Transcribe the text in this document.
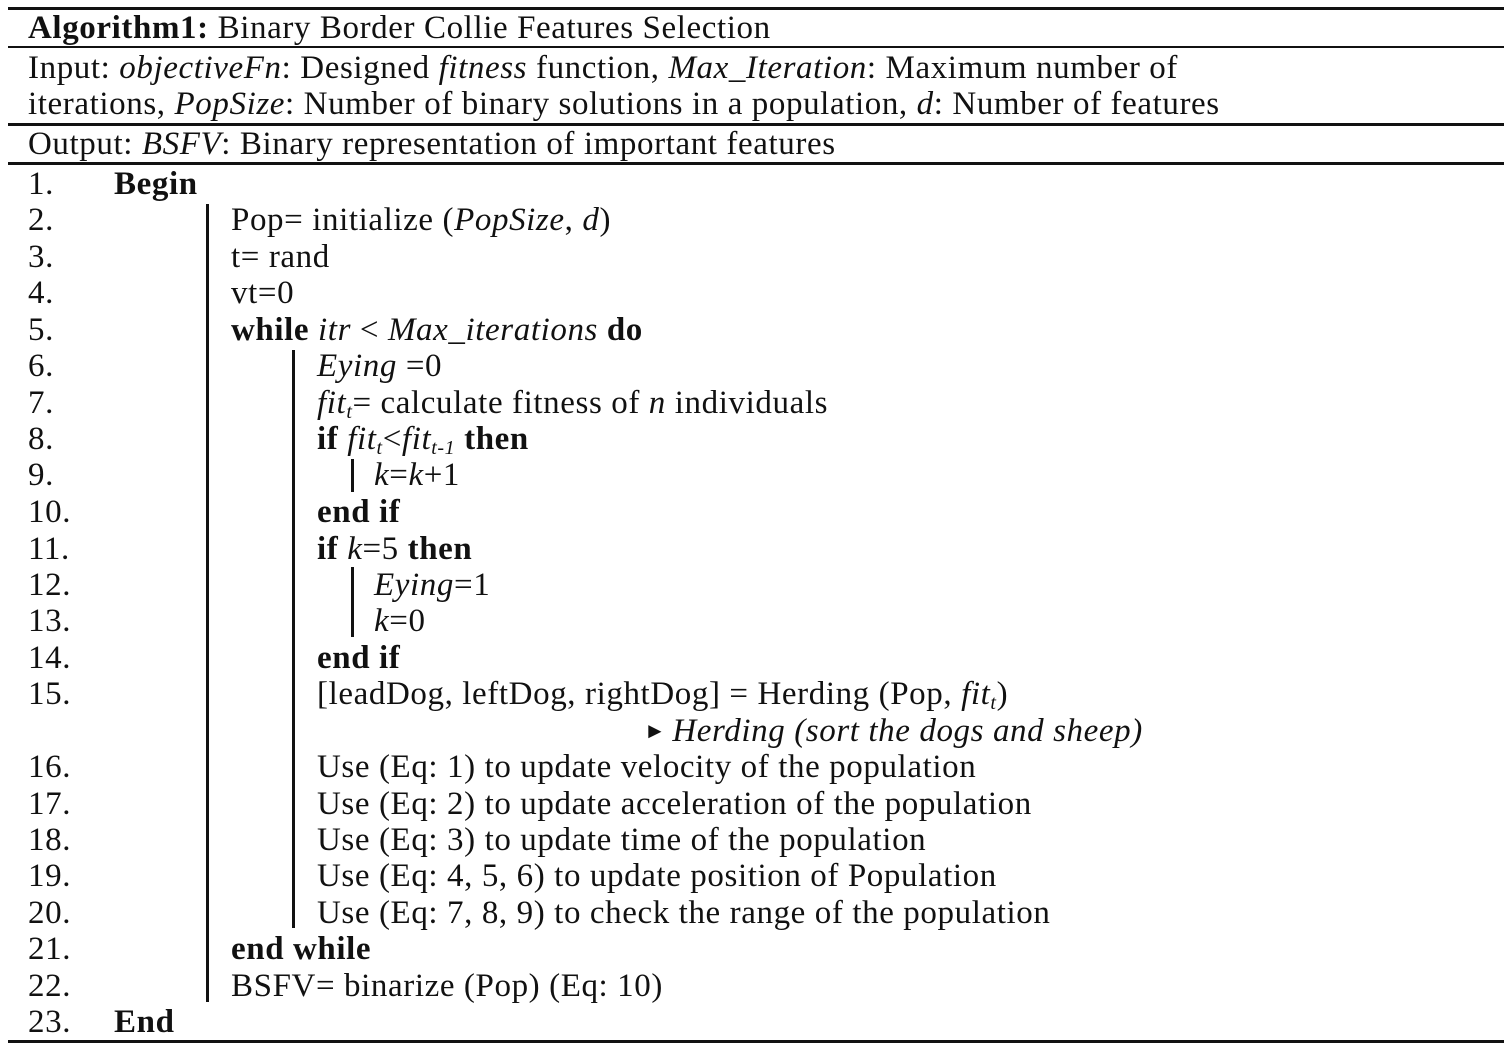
Algorithm1: Binary Border Collie Features Selection
Input: objectiveFn: Designed fitness function, Max_Iteration: Maximum number of
iterations, PopSize: Number of binary solutions in a population, d: Number of features
Output: BSFV: Binary representation of important features
1.
2.
3.
4.
5.
6.
7.
8.
9.
10.
11.
12.
13.
14.
15.
16.
17.
18.
19.
20.
21.
22.
23.
Begin
Pop= initialize (PopSize, d)
t= rand
vt=0
while itr < Max_iterations do
Eying =0
fit$_t$= calculate fitness of n individuals
if fit$_t$<fit$_{t-1}$ then
k=k+1
end if
if k=5 then
Eying=1
k=0
end if
[leadDog, leftDog, rightDog] = Herding (Pop, fit$_t$)
► Herding (sort the dogs and sheep)
Use (Eq: 1) to update velocity of the population
Use (Eq: 2) to update acceleration of the population
Use (Eq: 3) to update time of the population
Use (Eq: 4, 5, 6) to update position of Population
Use (Eq: 7, 8, 9) to check the range of the population
end while
BSFV= binarize (Pop) (Eq: 10)
End
